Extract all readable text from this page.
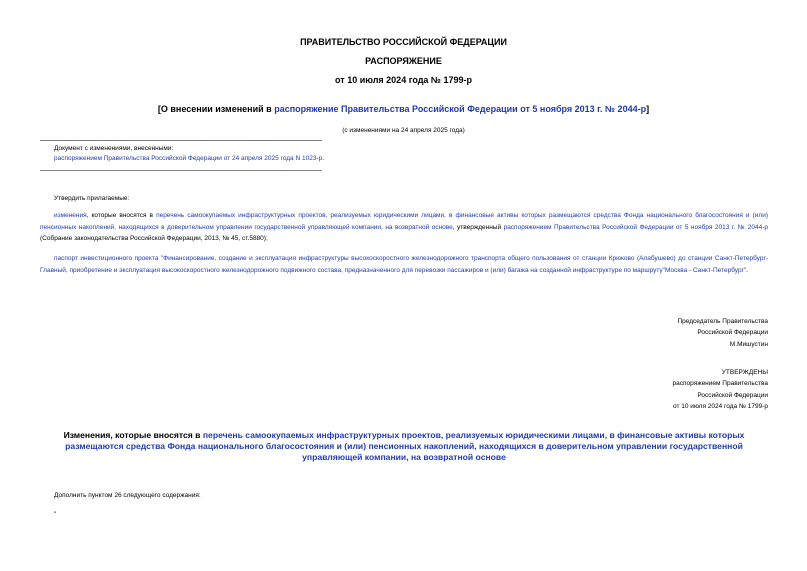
ПРАВИТЕЛЬСТВО РОССИЙСКОЙ ФЕДЕРАЦИИ
РАСПОРЯЖЕНИЕ
от 10 июля 2024 года № 1799-р
[О внесении изменений в распоряжение Правительства Российской Федерации от 5 ноября 2013 г. № 2044-р]
(с изменениями на 24 апреля 2025 года)
Документ с изменениями, внесенными:
распоряжением Правительства Российской Федерации от 24 апреля 2025 года N 1023-р.
Утвердить прилагаемые:
изменения, которые вносятся в перечень самоокупаемых инфраструктурных проектов, реализуемых юридическими лицами, в финансовые активы которых размещаются средства Фонда национального благосостояния и (или) пенсионных накоплений, находящихся в доверительном управлении государственной управляющей компании, на возвратной основе, утвержденный распоряжением Правительства Российской Федерации от 5 ноября 2013 г. № 2044-р (Собрание законодательства Российской Федерации, 2013, № 45, ст.5880);
паспорт инвестиционного проекта "Финансирование, создание и эксплуатация инфраструктуры высокоскоростного железнодорожного транспорта общего пользования от станции Крюково (Алабушево) до станции Санкт-Петербург-Главный, приобретение и эксплуатация высокоскоростного железнодорожного подвижного состава, предназначенного для перевозки пассажиров и (или) багажа на созданной инфраструктуре по маршруту"Москва - Санкт-Петербург".
Председатель Правительства
Российской Федерации
М.Мишустин
УТВЕРЖДЕНЫ
распоряжением Правительства
Российской Федерации
от 10 июля 2024 года № 1799-р
Изменения, которые вносятся в перечень самоокупаемых инфраструктурных проектов, реализуемых юридическими лицами, в финансовые активы которых размещаются средства Фонда национального благосостояния и (или) пенсионных накоплений, находящихся в доверительном управлении государственной управляющей компании, на возвратной основе
Дополнить пунктом 26 следующего содержания:
"
